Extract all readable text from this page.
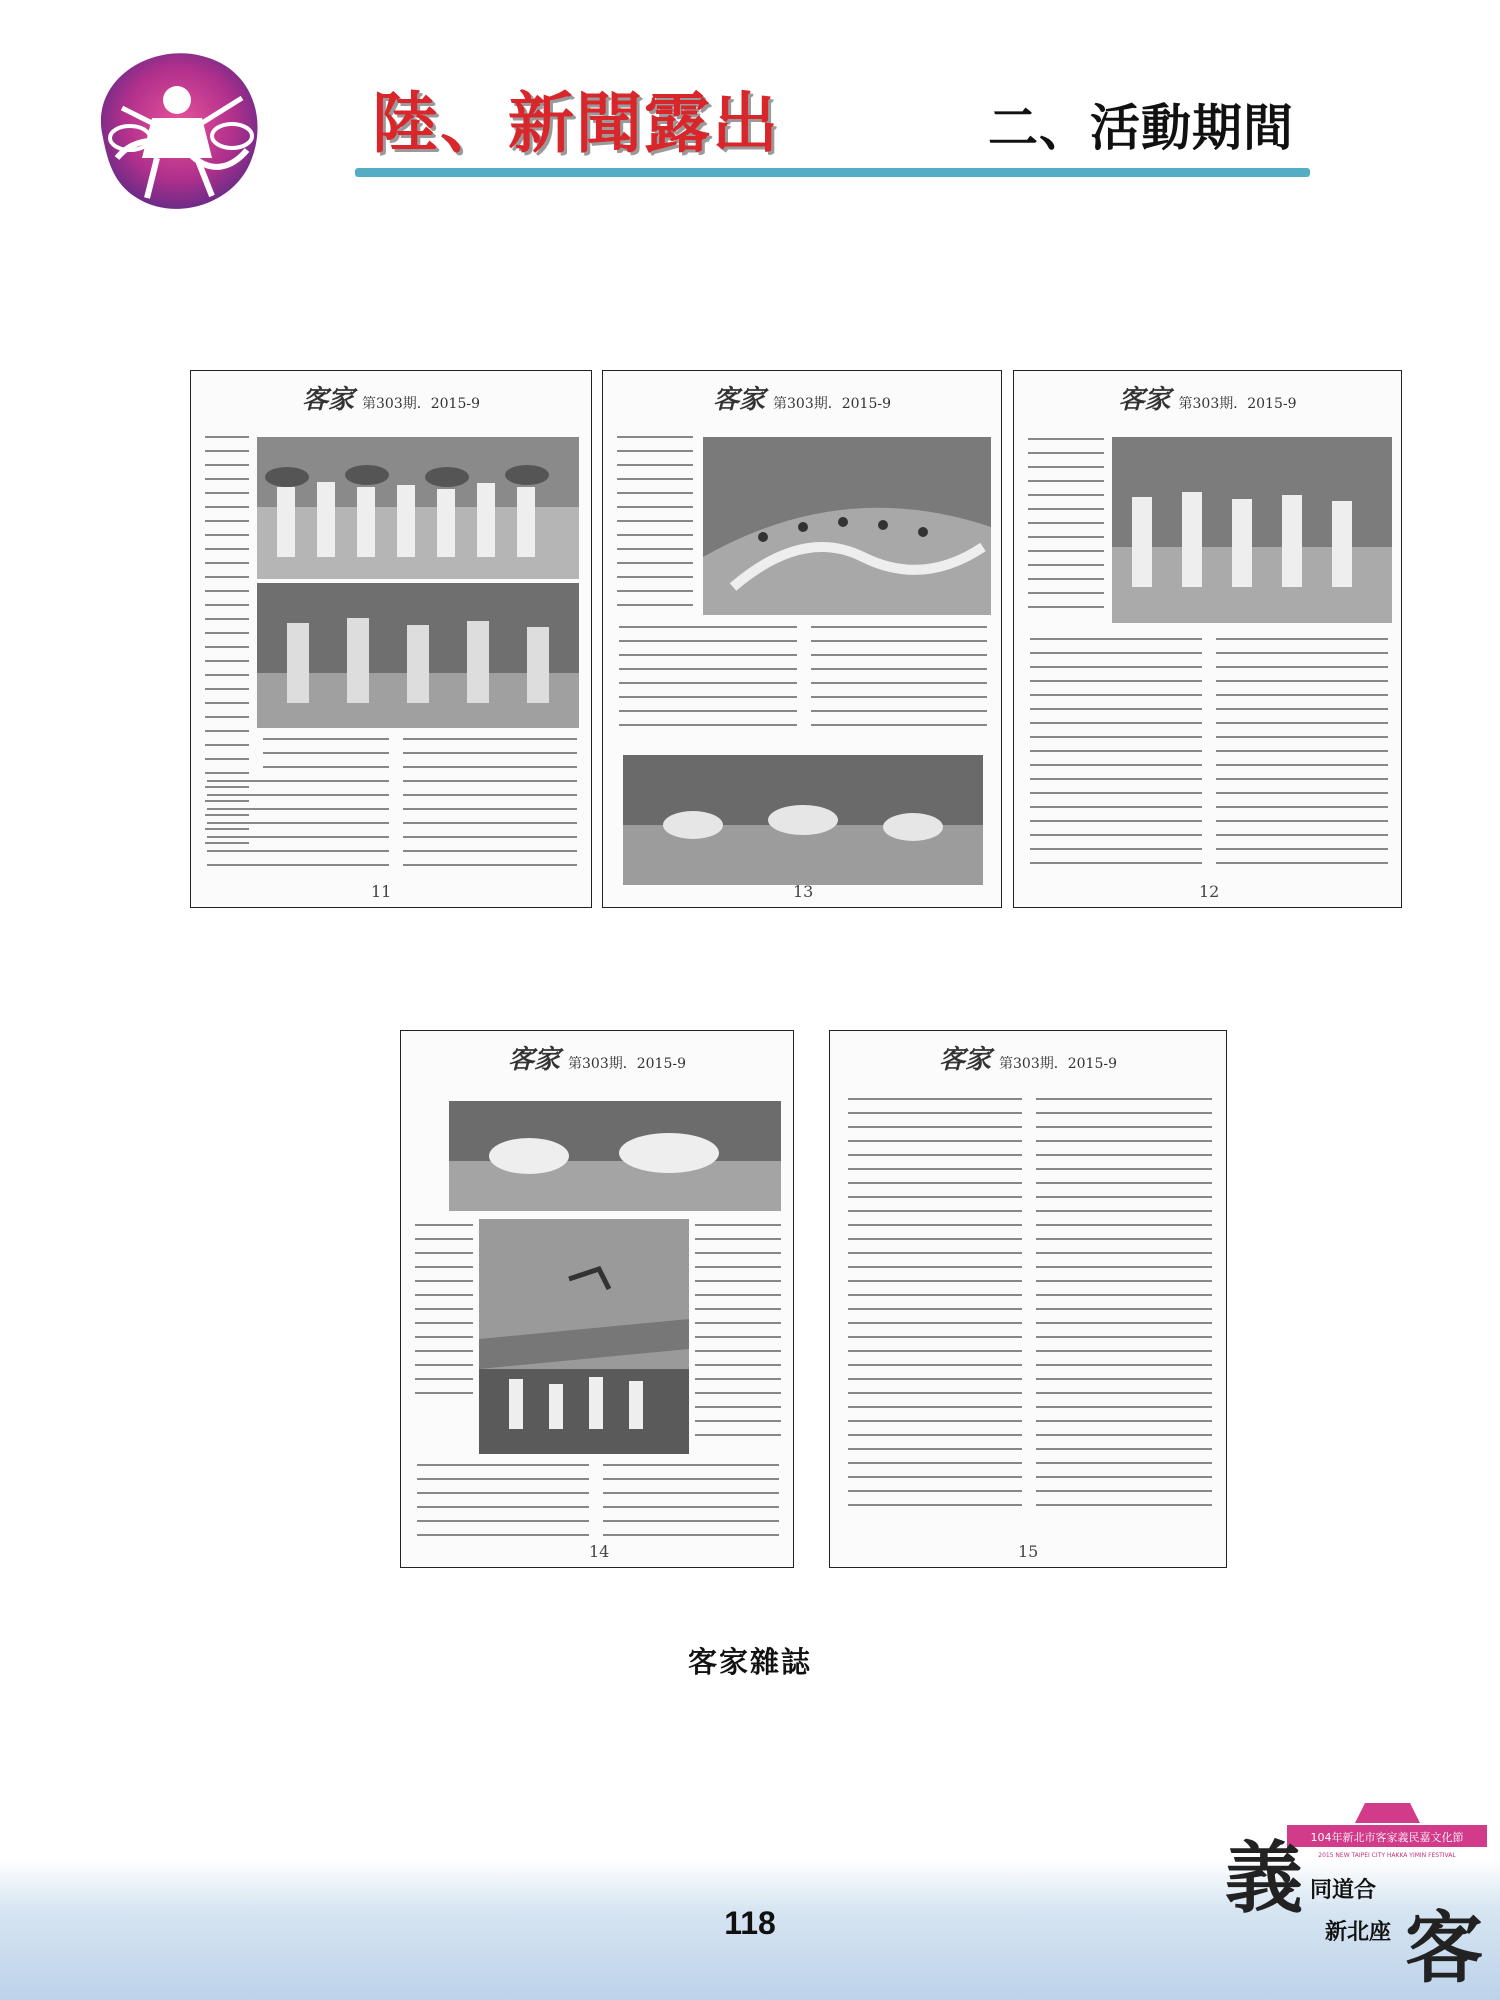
陸、新聞露出	二、活動期間
客家 第303期．2015-9
11
客家 第303期．2015-9
13
客家 第303期．2015-9
12
客家 第303期．2015-9
14
客家 第303期．2015-9
15
客家雜誌
118
104年新北市客家義民嘉文化節
2015 NEW TAIPEI CITY HAKKA YIMIN FESTIVAL
義 同道合
新北座 客
